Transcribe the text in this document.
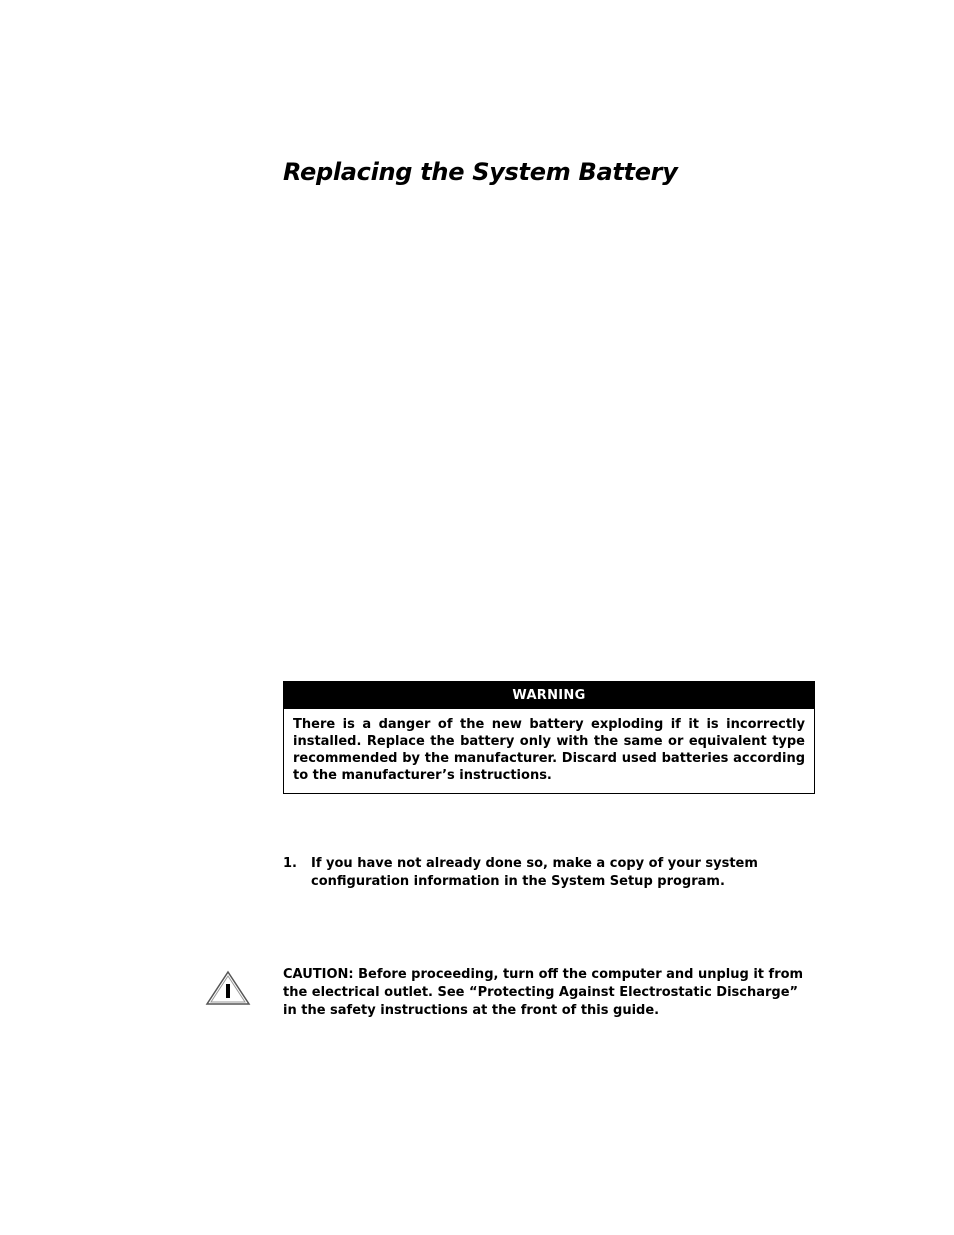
Replacing the System Battery
WARNING

There is a danger of the new battery exploding if it is incorrectly installed. Replace the battery only with the same or equivalent type recommended by the manufacturer. Discard used batteries according to the manufacturer’s instructions.

1. If you have not already done so, make a copy of your system configuration information in the System Setup program.

CAUTION: Before proceeding, turn off the computer and unplug it from the electrical outlet. See “Protecting Against Electrostatic Discharge” in the safety instructions at the front of this guide.
